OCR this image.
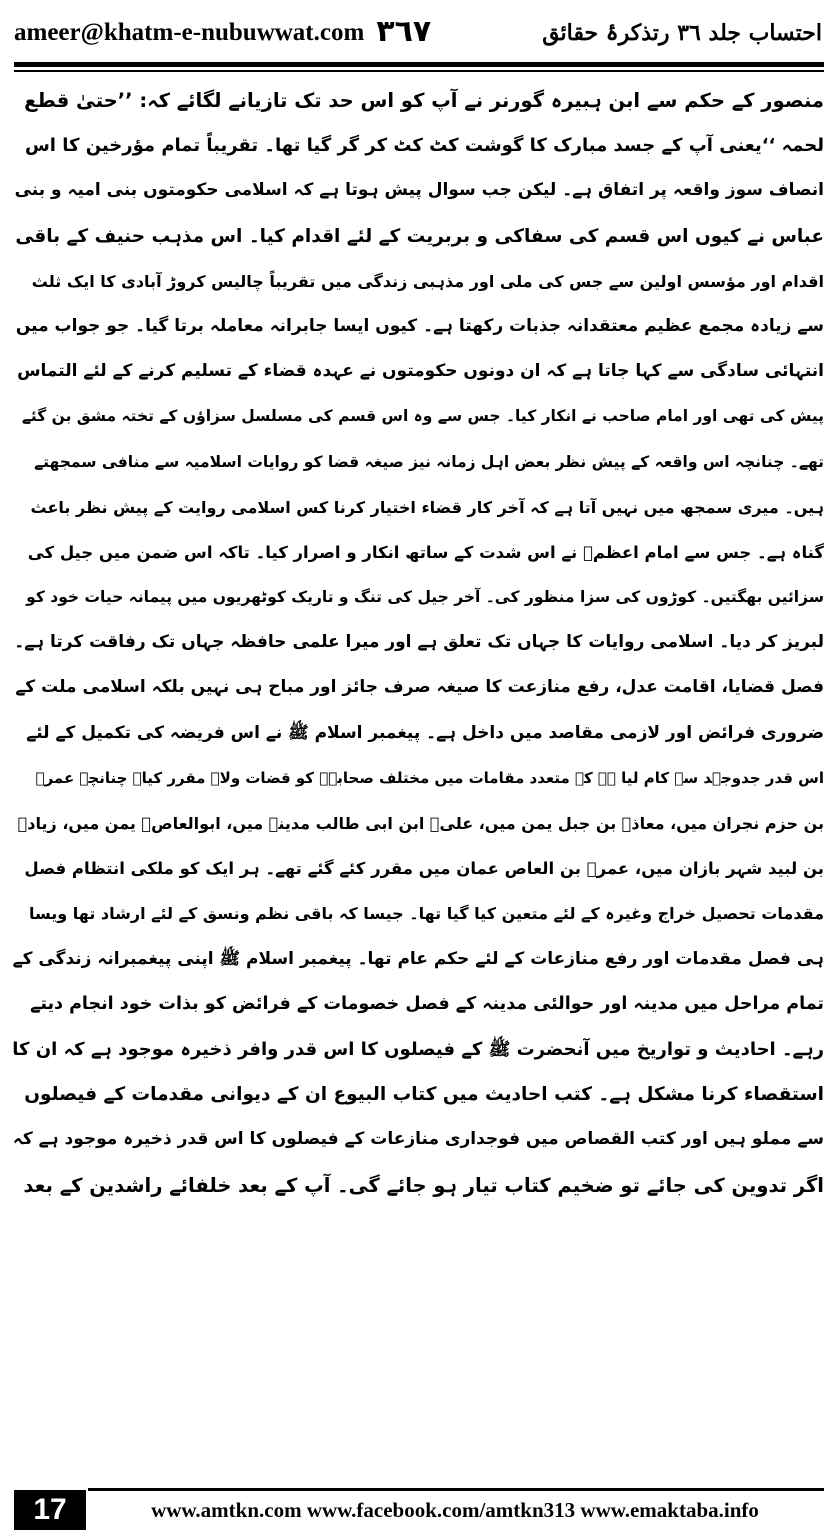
ameer@khatm-e-nubuwwat.com ٣٦٧	احتساب جلد ٣٦ رتذکرۂ حقائق
منصور کے حکم سے ابن ہبیرہ گورنر نے آپ کو اس حد تک تازیانے لگائے کہ: ’’حتیٰ قطع
لحمہ ‘‘یعنی آپ کے جسد مبارک کا گوشت کٹ کٹ کر گر گیا تھا۔ تقریباً تمام مؤرخین کا اس
انصاف سوز واقعہ پر اتفاق ہے۔ لیکن جب سوال پیش ہوتا ہے کہ اسلامی حکومتوں بنی امیہ و بنی
عباس نے کیوں اس قسم کی سفاکی و بربریت کے لئے اقدام کیا۔ اس مذہب حنیف کے باقی
اقدام اور مؤسس اولین سے جس کی ملی اور مذہبی زندگی میں تقریباً چالیس کروڑ آبادی کا ایک ثلث
سے زیادہ مجمع عظیم معتقدانہ جذبات رکھتا ہے۔ کیوں ایسا جابرانہ معاملہ برتا گیا۔ جو جواب میں
انتہائی سادگی سے کہا جاتا ہے کہ ان دونوں حکومتوں نے عہدہ قضاء کے تسلیم کرنے کے لئے التماس
پیش کی تھی اور امام صاحب نے انکار کیا۔ جس سے وہ اس قسم کی مسلسل سزاؤں کے تختہ مشق بن گئے
تھے۔ چنانچہ اس واقعہ کے پیش نظر بعض اہل زمانہ نیز صیغہ قضا کو روایات اسلامیہ سے منافی سمجھتے
ہیں۔ میری سمجھ میں نہیں آتا ہے کہ آخر کار قضاء اختیار کرنا کس اسلامی روایت کے پیش نظر باعث
گناہ ہے۔ جس سے امام اعظمؒ نے اس شدت کے ساتھ انکار و اصرار کیا۔ تاکہ اس ضمن میں جیل کی
سزائیں بھگتیں۔ کوڑوں کی سزا منظور کی۔ آخر جیل کی تنگ و تاریک کوٹھریوں میں پیمانہ حیات خود کو
لبریز کر دیا۔ اسلامی روایات کا جہاں تک تعلق ہے اور میرا علمی حافظہ جہاں تک رفاقت کرتا ہے۔
فصل قضایا، اقامت عدل، رفع منازعت کا صیغہ صرف جائز اور مباح ہی نہیں بلکہ اسلامی ملت کے
ضروری فرائض اور لازمی مقاصد میں داخل ہے۔ پیغمبر اسلام ﷺ نے اس فریضہ کی تکمیل کے لئے
اس قدر جدوجہد سے کام لیا ہے کہ متعدد مقامات میں مختلف صحابہؓ کو قضات ولاۃ مقرر کیا۔ چنانچہ عمرؓ
بن حزم نجران میں، معاذؓ بن جبل یمن میں، علیؓ ابن ابی طالب مدینہ میں، ابوالعاصؓ یمن میں، زیادؓ
بن لبید شہر بازان میں، عمرؓ بن العاص عمان میں مقرر کئے گئے تھے۔ ہر ایک کو ملکی انتظام فصل
مقدمات تحصیل خراج وغیرہ کے لئے متعین کیا گیا تھا۔ جیسا کہ باقی نظم ونسق کے لئے ارشاد تھا ویسا
ہی فصل مقدمات اور رفع منازعات کے لئے حکم عام تھا۔ پیغمبر اسلام ﷺ اپنی پیغمبرانہ زندگی کے
تمام مراحل میں مدینہ اور حوالئی مدینہ کے فصل خصومات کے فرائض کو بذات خود انجام دیتے
رہے۔ احادیث و تواریخ میں آنحضرت ﷺ کے فیصلوں کا اس قدر وافر ذخیرہ موجود ہے کہ ان کا
استقصاء کرنا مشکل ہے۔ کتب احادیث میں کتاب البیوع ان کے دیوانی مقدمات کے فیصلوں
سے مملو ہیں اور کتب القصاص میں فوجداری منازعات کے فیصلوں کا اس قدر ذخیرہ موجود ہے کہ
اگر تدوین کی جائے تو ضخیم کتاب تیار ہو جائے گی۔ آپ کے بعد خلفائے راشدین کے بعد
17	www.amtkn.com www.facebook.com/amtkn313 www.emaktaba.info
